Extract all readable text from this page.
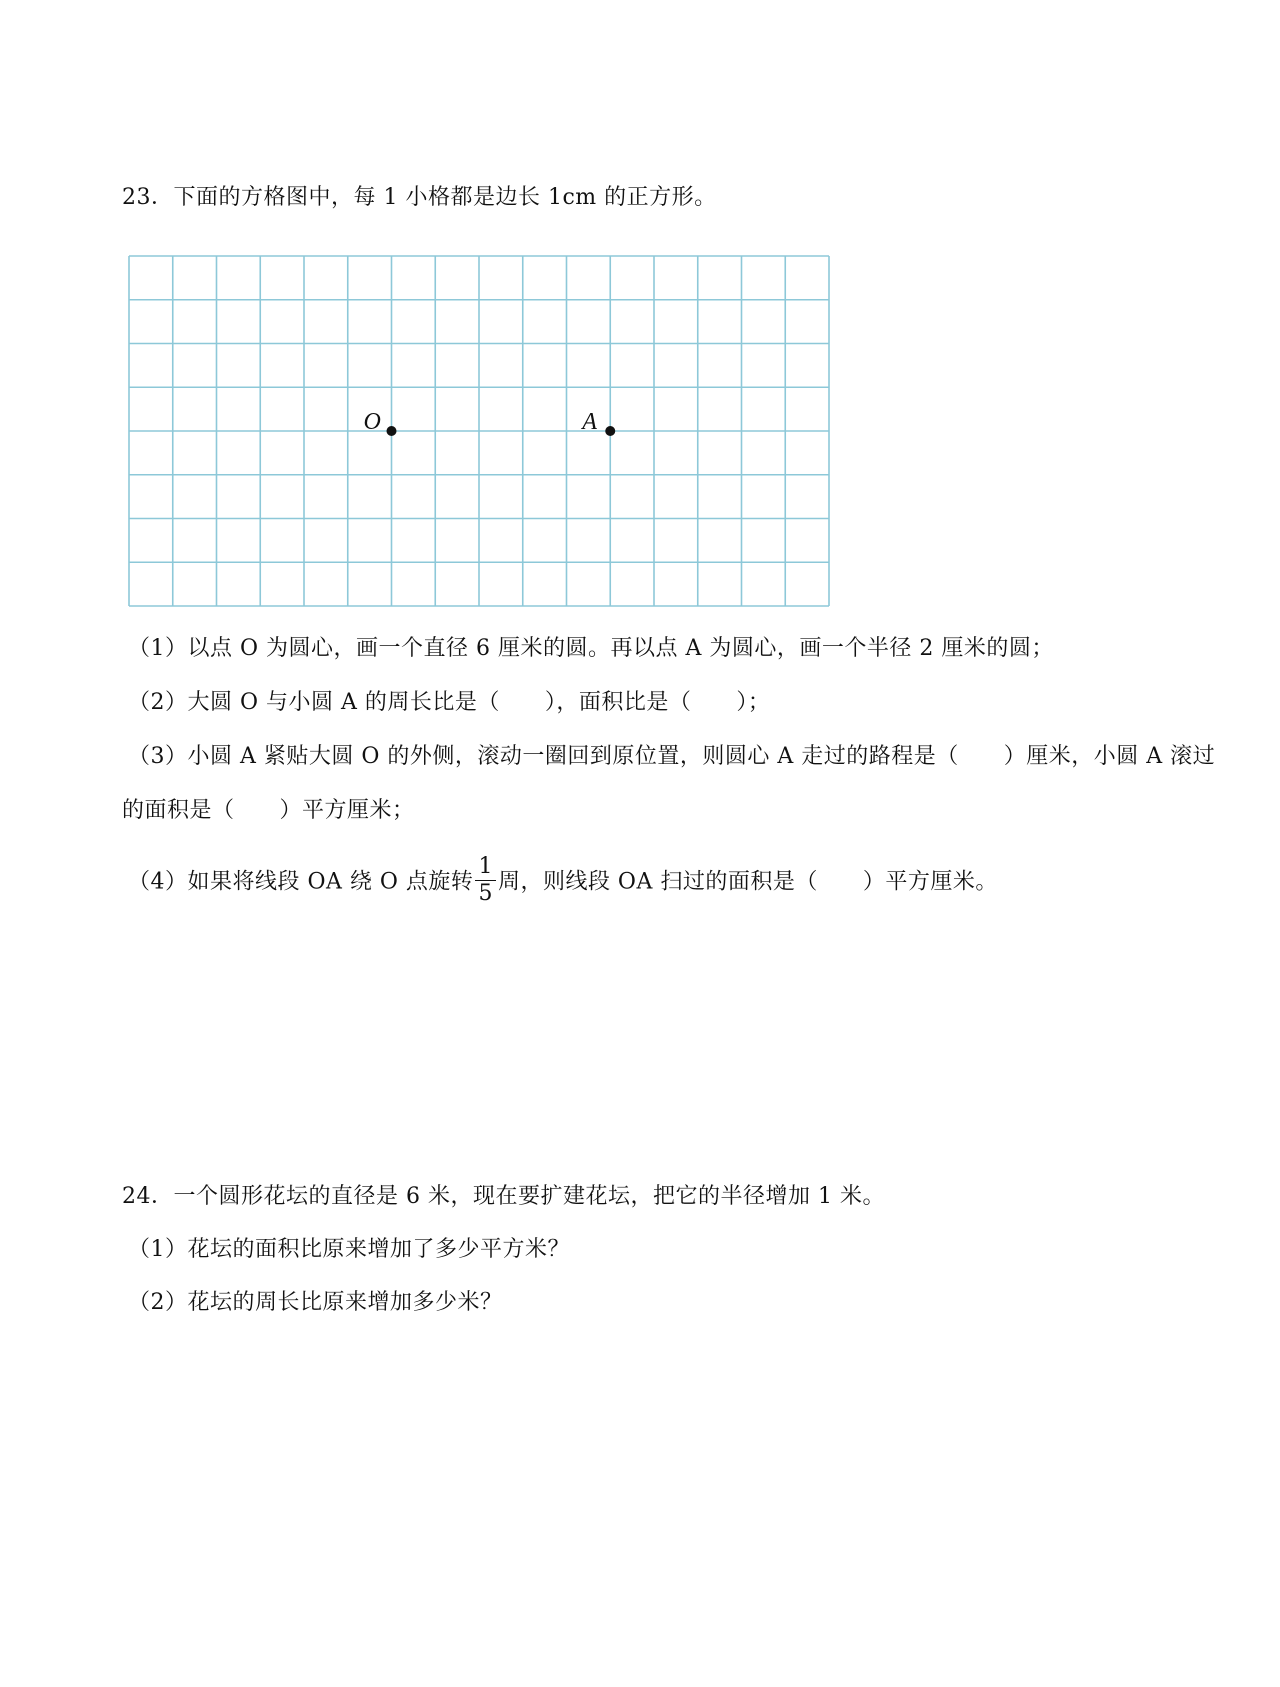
23．下面的方格图中，每 1 小格都是边长 1cm 的正方形。
O	A
（1）以点 O 为圆心，画一个直径 6 厘米的圆。再以点 A 为圆心，画一个半径 2 厘米的圆；
（2）大圆 O 与小圆 A 的周长比是（　　），面积比是（　　）；
（3）小圆 A 紧贴大圆 O 的外侧，滚动一圈回到原位置，则圆心 A 走过的路程是（　　）厘米，小圆 A 滚过
的面积是（　　）平方厘米；
（4）如果将线段 OA 绕 O 点旋转 $\frac{1}{5}$ 周，则线段 OA 扫过的面积是（　　）平方厘米。
24．一个圆形花坛的直径是 6 米，现在要扩建花坛，把它的半径增加 1 米。
（1）花坛的面积比原来增加了多少平方米？
（2）花坛的周长比原来增加多少米？
